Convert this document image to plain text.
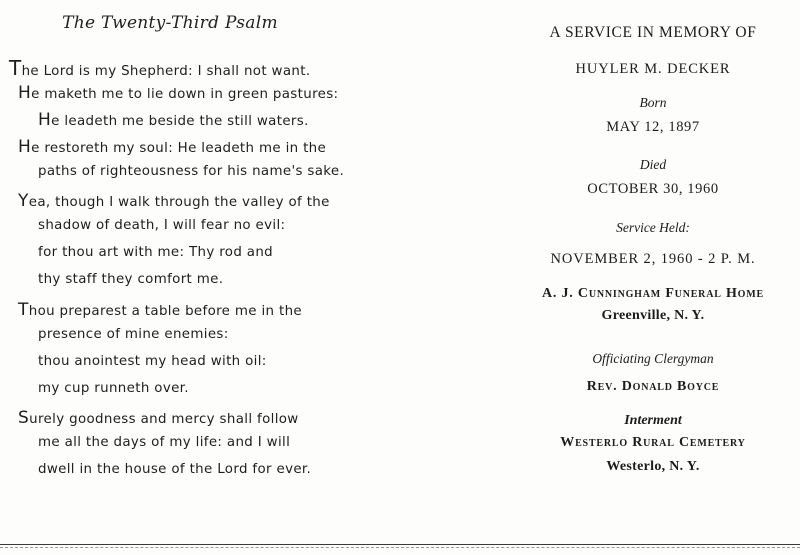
The Twenty-Third Psalm
The Lord is my Shepherd: I shall not want.
He maketh me to lie down in green pastures:
He leadeth me beside the still waters.
He restoreth my soul: He leadeth me in the
paths of righteousness for his name's sake.
Yea, though I walk through the valley of the
shadow of death, I will fear no evil:
for thou art with me: Thy rod and
thy staff they comfort me.
Thou preparest a table before me in the
presence of mine enemies:
thou anointest my head with oil:
my cup runneth over.
Surely goodness and mercy shall follow
me all the days of my life: and I will
dwell in the house of the Lord for ever.
A SERVICE IN MEMORY OF
HUYLER M. DECKER
Born
MAY 12, 1897
Died
OCTOBER 30, 1960
Service Held:
NOVEMBER 2, 1960 - 2 P. M.
A. J. Cunningham Funeral Home
Greenville, N. Y.
Officiating Clergyman
Rev. Donald Boyce
Interment
Westerlo Rural Cemetery
Westerlo, N. Y.
